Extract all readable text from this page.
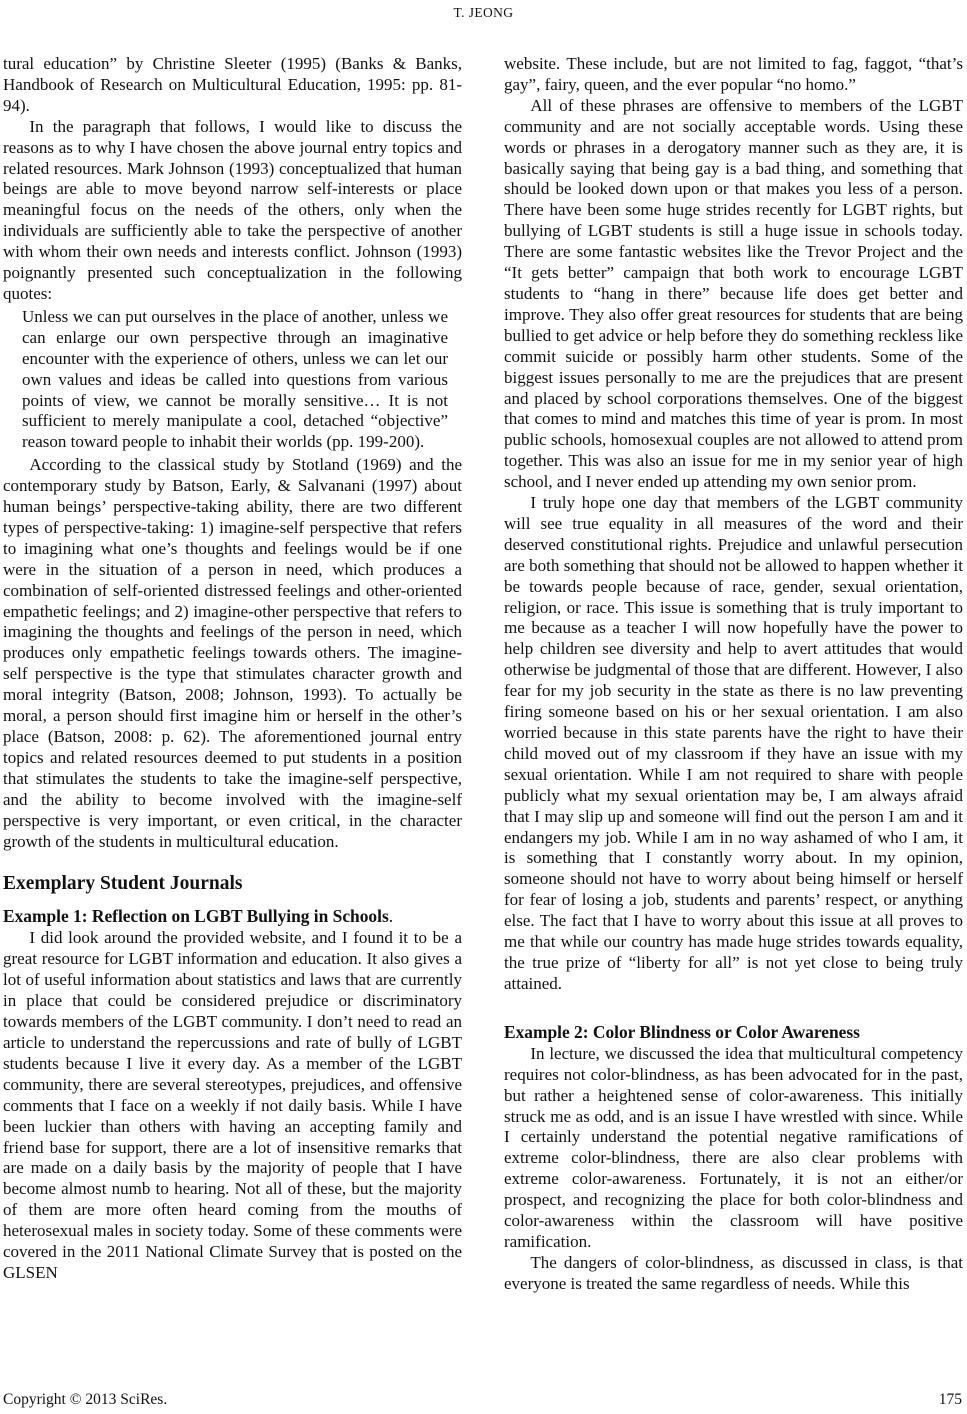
T. JEONG

tural education” by Christine Sleeter (1995) (Banks & Banks, Handbook of Research on Multicultural Education, 1995: pp. 81-94).

In the paragraph that follows, I would like to discuss the reasons as to why I have chosen the above journal entry topics and related resources. Mark Johnson (1993) conceptualized that human beings are able to move beyond narrow self-interests or place meaningful focus on the needs of the others, only when the individuals are sufficiently able to take the perspective of another with whom their own needs and interests conflict. Johnson (1993) poignantly presented such conceptualization in the following quotes:

Unless we can put ourselves in the place of another, unless we can enlarge our own perspective through an imaginative encounter with the experience of others, unless we can let our own values and ideas be called into questions from various points of view, we cannot be morally sensitive… It is not sufficient to merely manipulate a cool, detached “objective” reason toward people to inhabit their worlds (pp. 199-200).

According to the classical study by Stotland (1969) and the contemporary study by Batson, Early, & Salvanani (1997) about human beings’ perspective-taking ability, there are two different types of perspective-taking: 1) imagine-self perspective that refers to imagining what one’s thoughts and feelings would be if one were in the situation of a person in need, which produces a combination of self-oriented distressed feelings and other-oriented empathetic feelings; and 2) imagine-other perspective that refers to imagining the thoughts and feelings of the person in need, which produces only empathetic feelings towards others. The imagine-self perspective is the type that stimulates character growth and moral integrity (Batson, 2008; Johnson, 1993). To actually be moral, a person should first imagine him or herself in the other’s place (Batson, 2008: p. 62). The aforementioned journal entry topics and related resources deemed to put students in a position that stimulates the students to take the imagine-self perspective, and the ability to become involved with the imagine-self perspective is very important, or even critical, in the character growth of the students in multicultural education.

Exemplary Student Journals
Example 1: Reflection on LGBT Bullying in Schools.

I did look around the provided website, and I found it to be a great resource for LGBT information and education. It also gives a lot of useful information about statistics and laws that are currently in place that could be considered prejudice or discriminatory towards members of the LGBT community. I don’t need to read an article to understand the repercussions and rate of bully of LGBT students because I live it every day. As a member of the LGBT community, there are several stereotypes, prejudices, and offensive comments that I face on a weekly if not daily basis. While I have been luckier than others with having an accepting family and friend base for support, there are a lot of insensitive remarks that are made on a daily basis by the majority of people that I have become almost numb to hearing. Not all of these, but the majority of them are more often heard coming from the mouths of heterosexual males in society today. Some of these comments were covered in the 2011 National Climate Survey that is posted on the GLSEN

website. These include, but are not limited to fag, faggot, “that’s gay”, fairy, queen, and the ever popular “no homo.”

All of these phrases are offensive to members of the LGBT community and are not socially acceptable words. Using these words or phrases in a derogatory manner such as they are, it is basically saying that being gay is a bad thing, and something that should be looked down upon or that makes you less of a person. There have been some huge strides recently for LGBT rights, but bullying of LGBT students is still a huge issue in schools today. There are some fantastic websites like the Trevor Project and the “It gets better” campaign that both work to encourage LGBT students to “hang in there” because life does get better and improve. They also offer great resources for students that are being bullied to get advice or help before they do something reckless like commit suicide or possibly harm other students. Some of the biggest issues personally to me are the prejudices that are present and placed by school corporations themselves. One of the biggest that comes to mind and matches this time of year is prom. In most public schools, homosexual couples are not allowed to attend prom together. This was also an issue for me in my senior year of high school, and I never ended up attending my own senior prom.

I truly hope one day that members of the LGBT community will see true equality in all measures of the word and their deserved constitutional rights. Prejudice and unlawful persecution are both something that should not be allowed to happen whether it be towards people because of race, gender, sexual orientation, religion, or race. This issue is something that is truly important to me because as a teacher I will now hopefully have the power to help children see diversity and help to avert attitudes that would otherwise be judgmental of those that are different. However, I also fear for my job security in the state as there is no law preventing firing someone based on his or her sexual orientation. I am also worried because in this state parents have the right to have their child moved out of my classroom if they have an issue with my sexual orientation. While I am not required to share with people publicly what my sexual orientation may be, I am always afraid that I may slip up and someone will find out the person I am and it endangers my job. While I am in no way ashamed of who I am, it is something that I constantly worry about. In my opinion, someone should not have to worry about being himself or herself for fear of losing a job, students and parents’ respect, or anything else. The fact that I have to worry about this issue at all proves to me that while our country has made huge strides towards equality, the true prize of “liberty for all” is not yet close to being truly attained.

Example 2: Color Blindness or Color Awareness

In lecture, we discussed the idea that multicultural competency requires not color-blindness, as has been advocated for in the past, but rather a heightened sense of color-awareness. This initially struck me as odd, and is an issue I have wrestled with since. While I certainly understand the potential negative ramifications of extreme color-blindness, there are also clear problems with extreme color-awareness. Fortunately, it is not an either/or prospect, and recognizing the place for both color-blindness and color-awareness within the classroom will have positive ramification.

The dangers of color-blindness, as discussed in class, is that everyone is treated the same regardless of needs. While this

Copyright © 2013 SciRes.	175
